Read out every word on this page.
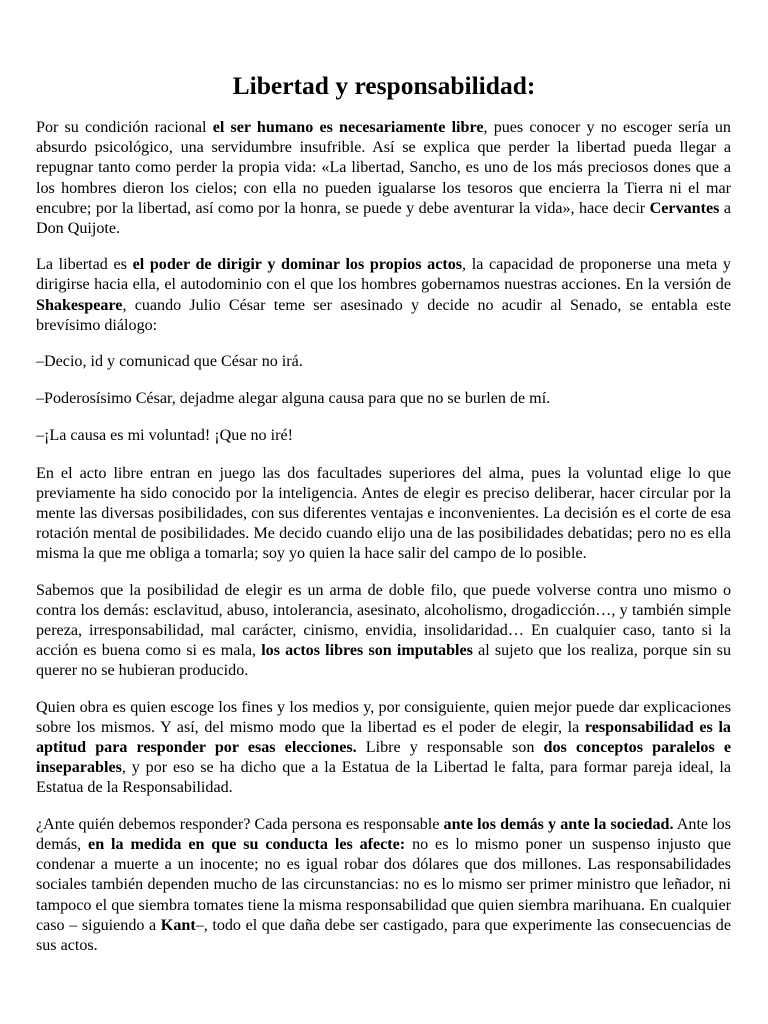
Libertad y responsabilidad:

Por su condición racional el ser humano es necesariamente libre, pues conocer y no escoger sería un absurdo psicológico, una servidumbre insufrible. Así se explica que perder la libertad pueda llegar a repugnar tanto como perder la propia vida: «La libertad, Sancho, es uno de los más preciosos dones que a los hombres dieron los cielos; con ella no pueden igualarse los tesoros que encierra la Tierra ni el mar encubre; por la libertad, así como por la honra, se puede y debe aventurar la vida», hace decir Cervantes a Don Quijote.

La libertad es el poder de dirigir y dominar los propios actos, la capacidad de proponerse una meta y dirigirse hacia ella, el autodominio con el que los hombres gobernamos nuestras acciones. En la versión de Shakespeare, cuando Julio César teme ser asesinado y decide no acudir al Senado, se entabla este brevísimo diálogo:

–Decio, id y comunicad que César no irá.

–Poderosísimo César, dejadme alegar alguna causa para que no se burlen de mí.

–¡La causa es mi voluntad! ¡Que no iré!

En el acto libre entran en juego las dos facultades superiores del alma, pues la voluntad elige lo que previamente ha sido conocido por la inteligencia. Antes de elegir es preciso deliberar, hacer circular por la mente las diversas posibilidades, con sus diferentes ventajas e inconvenientes. La decisión es el corte de esa rotación mental de posibilidades. Me decido cuando elijo una de las posibilidades debatidas; pero no es ella misma la que me obliga a tomarla; soy yo quien la hace salir del campo de lo posible.

Sabemos que la posibilidad de elegir es un arma de doble filo, que puede volverse contra uno mismo o contra los demás: esclavitud, abuso, intolerancia, asesinato, alcoholismo, drogadicción…, y también simple pereza, irresponsabilidad, mal carácter, cinismo, envidia, insolidaridad… En cualquier caso, tanto si la acción es buena como si es mala, los actos libres son imputables al sujeto que los realiza, porque sin su querer no se hubieran producido.

Quien obra es quien escoge los fines y los medios y, por consiguiente, quien mejor puede dar explicaciones sobre los mismos. Y así, del mismo modo que la libertad es el poder de elegir, la responsabilidad es la aptitud para responder por esas elecciones. Libre y responsable son dos conceptos paralelos e inseparables, y por eso se ha dicho que a la Estatua de la Libertad le falta, para formar pareja ideal, la Estatua de la Responsabilidad.

¿Ante quién debemos responder? Cada persona es responsable ante los demás y ante la sociedad. Ante los demás, en la medida en que su conducta les afecte: no es lo mismo poner un suspenso injusto que condenar a muerte a un inocente; no es igual robar dos dólares que dos millones. Las responsabilidades sociales también dependen mucho de las circunstancias: no es lo mismo ser primer ministro que leñador, ni tampoco el que siembra tomates tiene la misma responsabilidad que quien siembra marihuana. En cualquier caso – siguiendo a Kant–, todo el que daña debe ser castigado, para que experimente las consecuencias de sus actos.
